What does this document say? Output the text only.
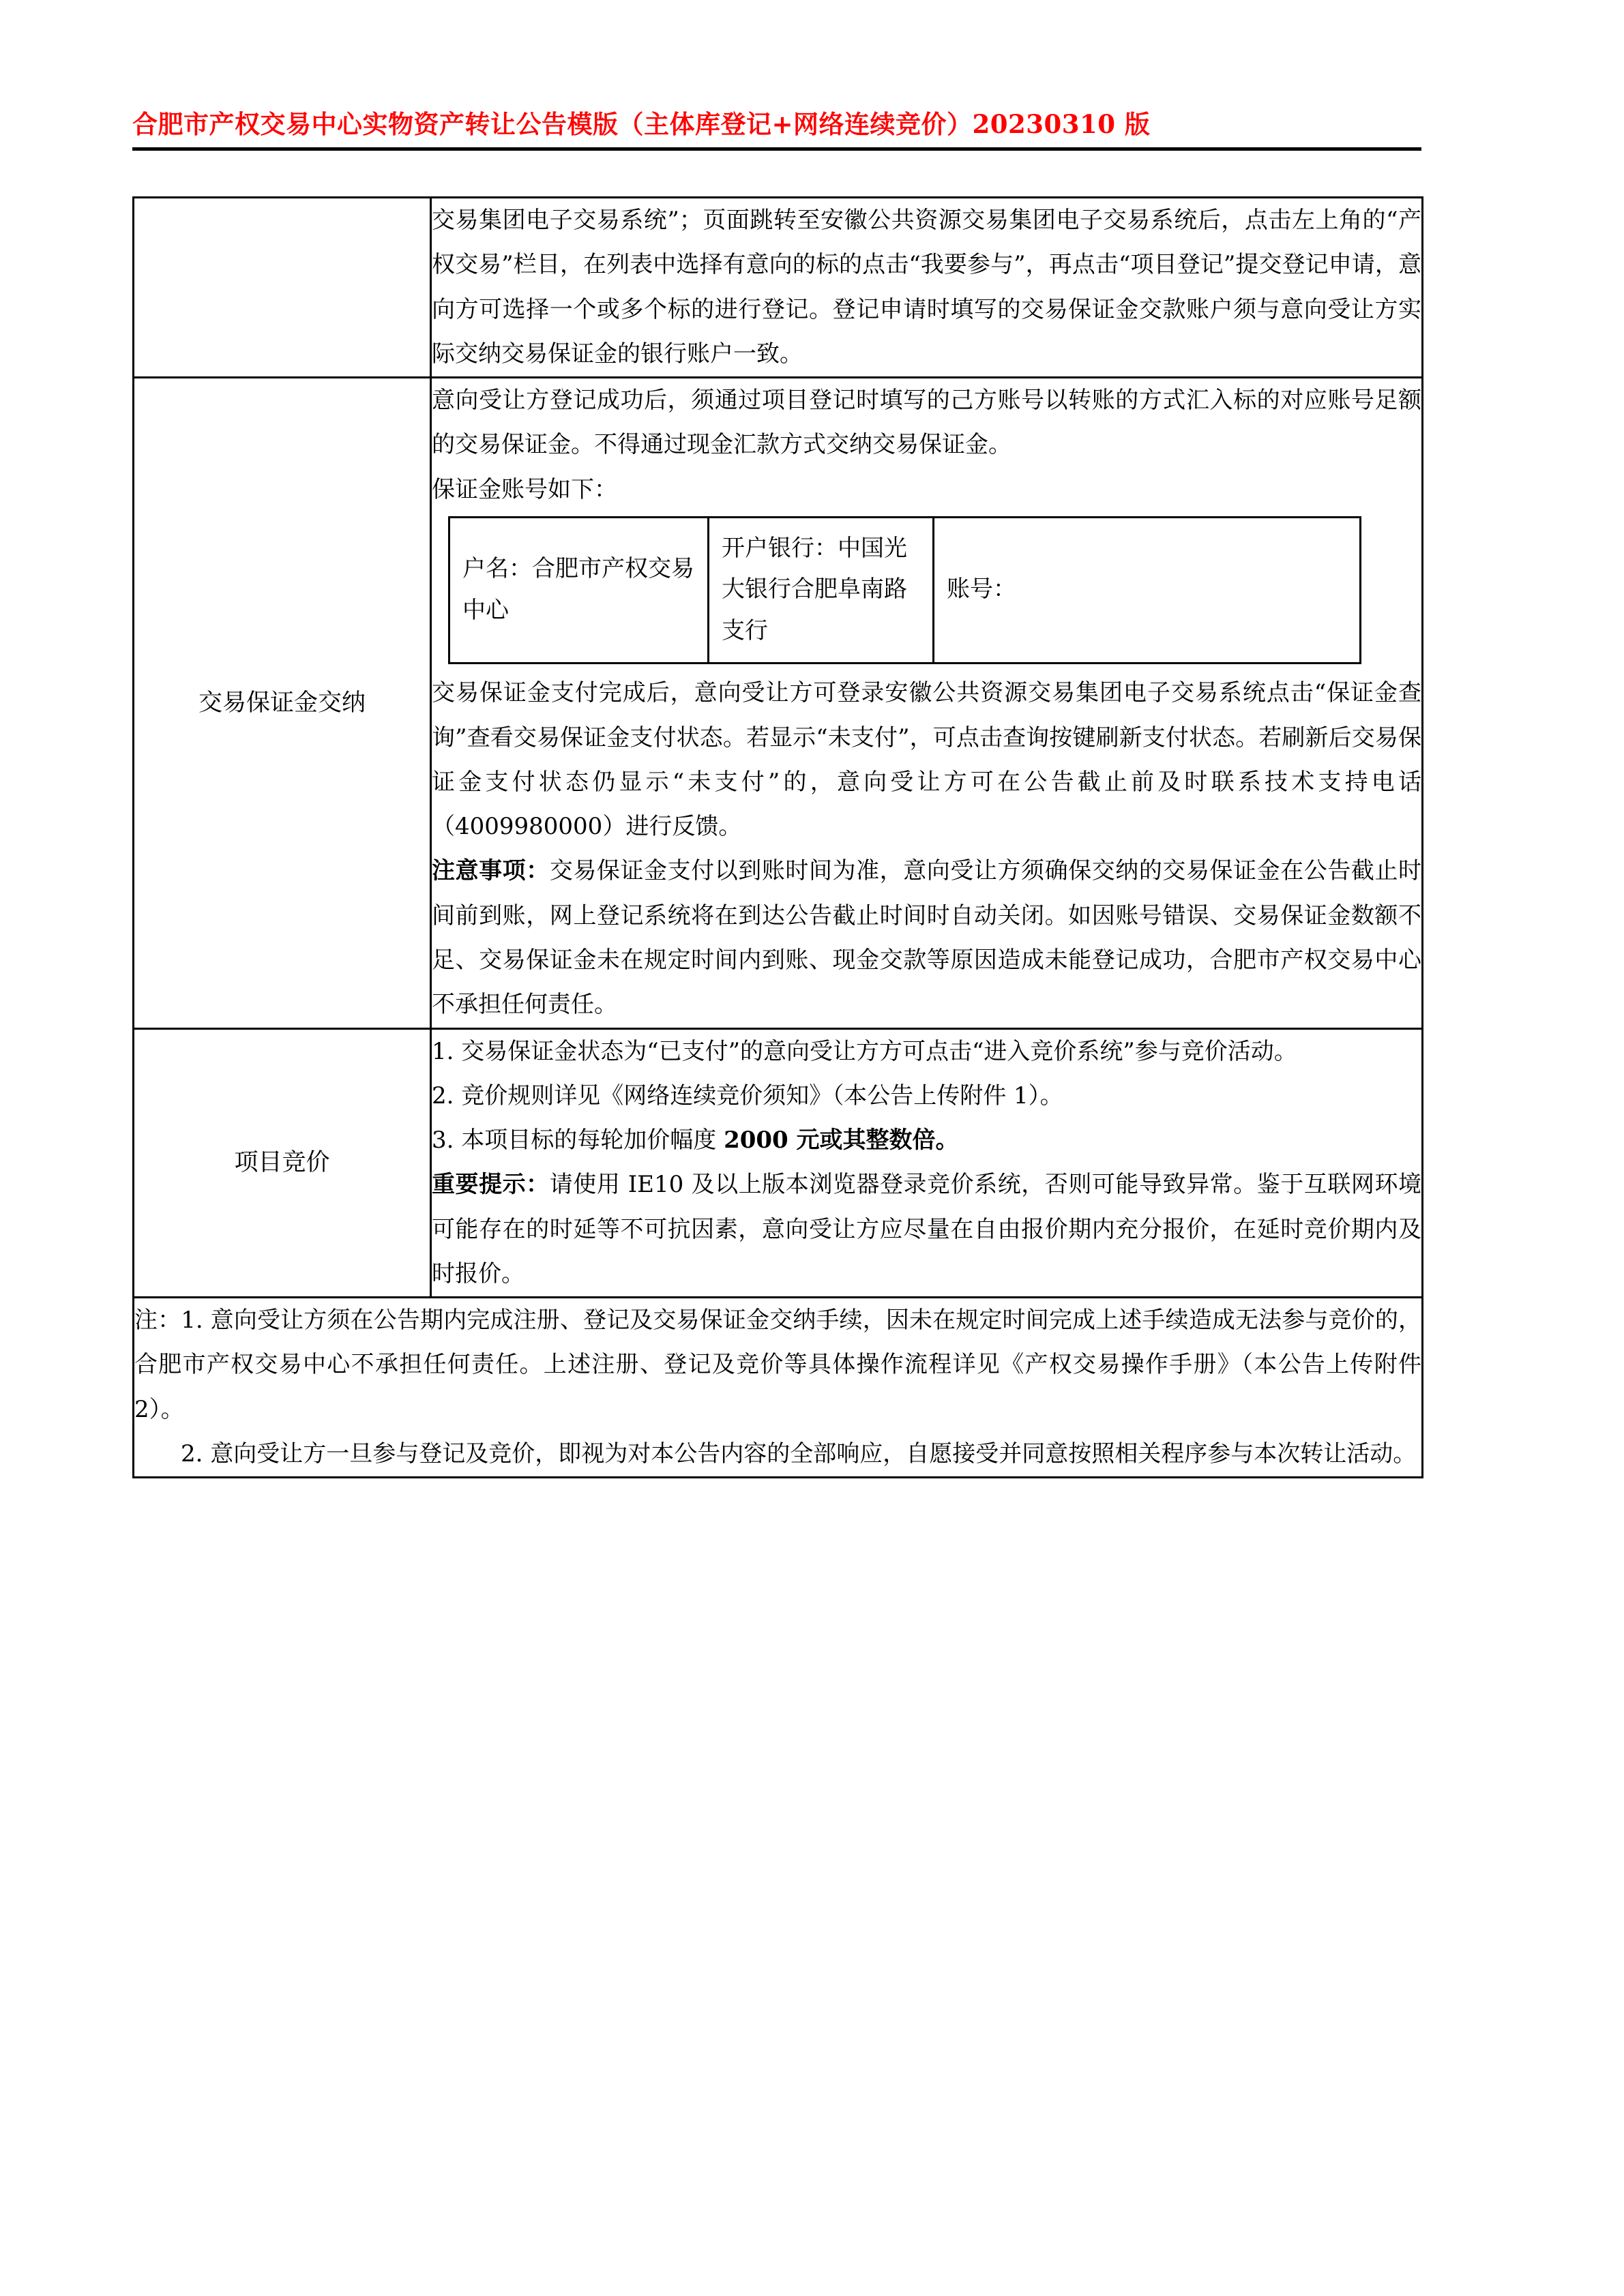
合肥市产权交易中心实物资产转让公告模版（主体库登记+网络连续竞价）20230310 版

交易集团电子交易系统”；页面跳转至安徽公共资源交易集团电子交易系统后，点击左上角的“产权交易”栏目，在列表中选择有意向的标的点击“我要参与”，再点击“项目登记”提交登记申请，意向方可选择一个或多个标的进行登记。登记申请时填写的交易保证金交款账户须与意向受让方实际交纳交易保证金的银行账户一致。

交易保证金交纳	

意向受让方登记成功后，须通过项目登记时填写的己方账号以转账的方式汇入标的对应账号足额的交易保证金。不得通过现金汇款方式交纳交易保证金。

保证金账号如下：

户名：合肥市产权交易中心	开户银行：中国光大银行合肥阜南路支行	账号：

交易保证金支付完成后，意向受让方可登录安徽公共资源交易集团电子交易系统点击“保证金查询”查看交易保证金支付状态。若显示“未支付”，可点击查询按键刷新支付状态。若刷新后交易保证金支付状态仍显示“未支付”的，意向受让方可在公告截止前及时联系技术支持电话（4009980000）进行反馈。

注意事项：交易保证金支付以到账时间为准，意向受让方须确保交纳的交易保证金在公告截止时间前到账，网上登记系统将在到达公告截止时间时自动关闭。如因账号错误、交易保证金数额不足、交易保证金未在规定时间内到账、现金交款等原因造成未能登记成功，合肥市产权交易中心不承担任何责任。

项目竞价	

1. 交易保证金状态为“已支付”的意向受让方方可点击“进入竞价系统”参与竞价活动。

2. 竞价规则详见《网络连续竞价须知》（本公告上传附件 1）。

3. 本项目标的每轮加价幅度 2000 元或其整数倍。

重要提示：请使用 IE10 及以上版本浏览器登录竞价系统，否则可能导致异常。鉴于互联网环境可能存在的时延等不可抗因素，意向受让方应尽量在自由报价期内充分报价，在延时竞价期内及时报价。

注：1. 意向受让方须在公告期内完成注册、登记及交易保证金交纳手续，因未在规定时间完成上述手续造成无法参与竞价的，合肥市产权交易中心不承担任何责任。上述注册、登记及竞价等具体操作流程详见《产权交易操作手册》（本公告上传附件 2）。

2. 意向受让方一旦参与登记及竞价，即视为对本公告内容的全部响应，自愿接受并同意按照相关程序参与本次转让活动。
